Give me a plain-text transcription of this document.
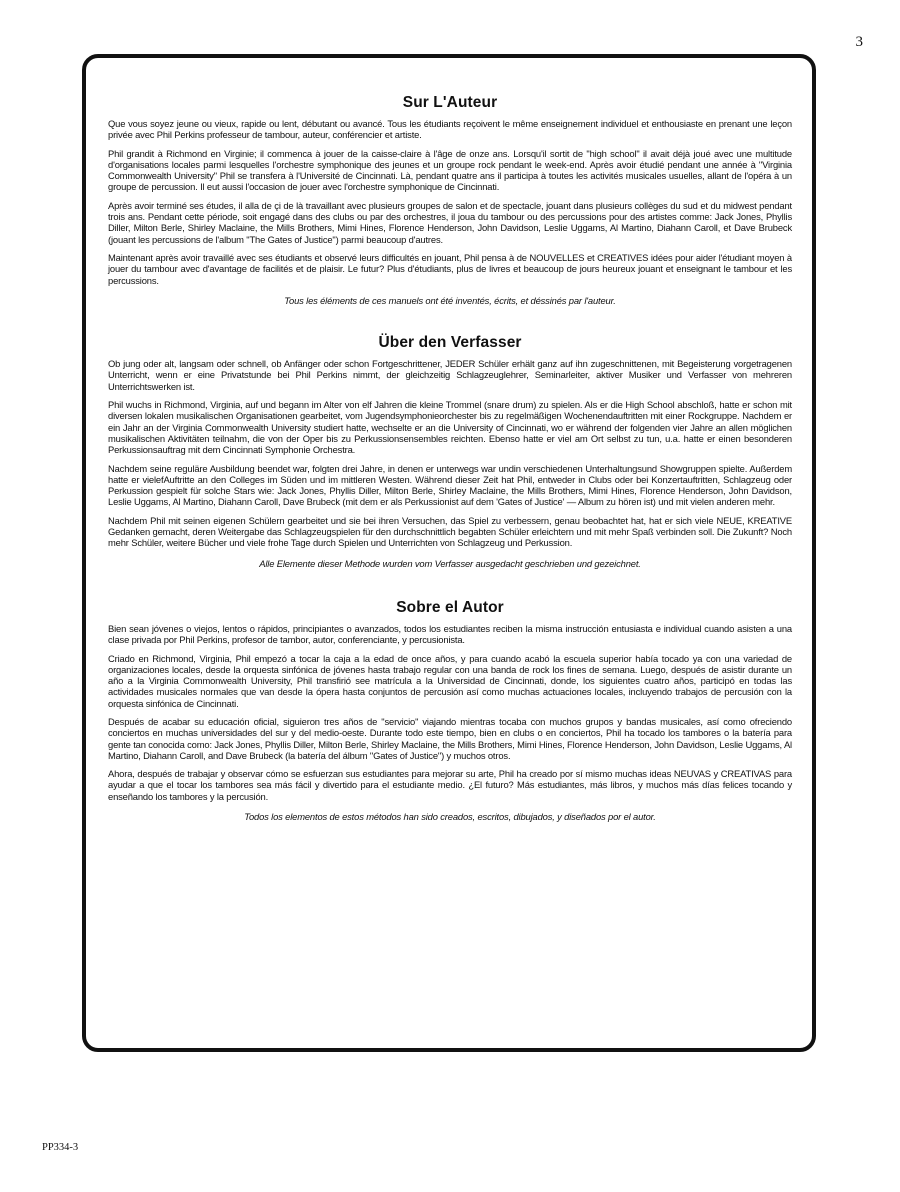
3
Sur L'Auteur

Que vous soyez jeune ou vieux, rapide ou lent, débutant ou avancé. Tous les étudiants reçoivent le même enseignement individuel et enthousiaste en prenant une leçon privée avec Phil Perkins professeur de tambour, auteur, conférencier et artiste.

Phil grandit à Richmond en Virginie; il commenca à jouer de la caisse-claire à l'âge de onze ans. Lorsqu'il sortit de "high school" il avait déjà joué avec une multitude d'organisations locales parmi lesquelles l'orchestre symphonique des jeunes et un groupe rock pendant le week-end. Après avoir étudié pendant une année à "Virginia Commonwealth University" Phil se transfera à l'Université de Cincinnati. Là, pendant quatre ans il participa à toutes les activités musicales usuelles, allant de l'opéra à un groupe de percussion. Il eut aussi l'occasion de jouer avec l'orchestre symphonique de Cincinnati.

Après avoir terminé ses études, il alla de çi de là travaillant avec plusieurs groupes de salon et de spectacle, jouant dans plusieurs collèges du sud et du midwest pendant trois ans. Pendant cette période, soit engagé dans des clubs ou par des orchestres, il joua du tambour ou des percussions pour des artistes comme: Jack Jones, Phyllis Diller, Milton Berle, Shirley Maclaine, the Mills Brothers, Mimi Hines, Florence Henderson, John Davidson, Leslie Uggams, Al Martino, Diahann Caroll, et Dave Brubeck (jouant les percussions de l'album "The Gates of Justice") parmi beaucoup d'autres.

Maintenant après avoir travaillé avec ses étudiants et observé leurs difficultés en jouant, Phil pensa à de NOUVELLES et CREATIVES idées pour aider l'étudiant moyen à jouer du tambour avec d'avantage de facilités et de plaisir. Le futur? Plus d'étudiants, plus de livres et beaucoup de jours heureux jouant et enseignant le tambour et les percussions.

Tous les éléments de ces manuels ont été inventés, écrits, et déssinés par l'auteur.

Über den Verfasser

Ob jung oder alt, langsam oder schnell, ob Anfänger oder schon Fortgeschrittener, JEDER Schüler erhält ganz auf ihn zugeschnittenen, mit Begeisterung vorgetragenen Unterricht, wenn er eine Privatstunde bei Phil Perkins nimmt, der gleichzeitig Schlagzeuglehrer, Seminarleiter, aktiver Musiker und Verfasser von mehreren Unterrichtswerken ist.

Phil wuchs in Richmond, Virginia, auf und begann im Alter von elf Jahren die kleine Trommel (snare drum) zu spielen. Als er die High School abschloß, hatte er schon mit diversen lokalen musikalischen Organisationen gearbeitet, vom Jugendsymphonieorchester bis zu regelmäßigen Wochenendauftritten mit einer Rockgruppe. Nachdem er ein Jahr an der Virginia Commonwealth University studiert hatte, wechselte er an die University of Cincinnati, wo er während der folgenden vier Jahre an allen möglichen musikalischen Aktivitäten teilnahm, die von der Oper bis zu Perkussionsensembles reichten. Ebenso hatte er viel am Ort selbst zu tun, u.a. hatte er einen besonderen Perkussionsauftrag mit dem Cincinnati Symphonie Orchestra.

Nachdem seine reguläre Ausbildung beendet war, folgten drei Jahre, in denen er unterwegs war undin verschiedenen Unterhaltungsund Showgruppen spielte. Außerdem hatte er vielefAuftritte an den Colleges im Süden und im mittleren Westen. Während dieser Zeit hat Phil, entweder in Clubs oder bei Konzertauftritten, Schlagzeug oder Perkussion gespielt für solche Stars wie: Jack Jones, Phyllis Diller, Milton Berle, Shirley Maclaine, the Mills Brothers, Mimi Hines, Florence Henderson, John Davidson, Leslie Uggams, Al Martino, Diahann Caroll, Dave Brubeck (mit dem er als Perkussionist auf dem 'Gates of Justice' — Album zu hören ist) und mit vielen anderen mehr.

Nachdem Phil mit seinen eigenen Schülern gearbeitet und sie bei ihren Versuchen, das Spiel zu verbessern, genau beobachtet hat, hat er sich viele NEUE, KREATIVE Gedanken gemacht, deren Weitergabe das Schlagzeugspielen für den durchschnittlich begabten Schüler erleichtern und mit mehr Spaß verbinden soll. Die Zukunft? Noch mehr Schüler, weitere Bücher und viele frohe Tage durch Spielen und Unterrichten von Schlagzeug und Perkussion.

Alle Elemente dieser Methode wurden vom Verfasser ausgedacht geschrieben und gezeichnet.

Sobre el Autor

Bien sean jóvenes o viejos, lentos o rápidos, principiantes o avanzados, todos los estudiantes reciben la misma instrucción entusiasta e individual cuando asisten a una clase privada por Phil Perkins, profesor de tambor, autor, conferenciante, y percusionista.

Criado en Richmond, Virginia, Phil empezó a tocar la caja a la edad de once años, y para cuando acabó la escuela superior había tocado ya con una variedad de organizaciones locales, desde la orquesta sinfónica de jóvenes hasta trabajo regular con una banda de rock los fines de semana. Luego, después de asistir durante un año a la Virginia Commonwealth University, Phil transfirió see matrícula a la Universidad de Cincinnati, donde, los siguientes cuatro años, participó en todas las actividades musicales normales que van desde la ópera hasta conjuntos de percusión así como muchas actuaciones locales, incluyendo trabajos de percusión con la orquesta sinfónica de Cincinnati.

Después de acabar su educación oficial, siguieron tres años de "servicio" viajando mientras tocaba con muchos grupos y bandas musicales, así como ofreciendo conciertos en muchas universidades del sur y del medio-oeste. Durante todo este tiempo, bien en clubs o en conciertos, Phil ha tocado los tambores o la batería para gente tan conocida como: Jack Jones, Phyllis Diller, Milton Berle, Shirley Maclaine, the Mills Brothers, Mimi Hines, Florence Henderson, John Davidson, Leslie Uggams, Al Martino, Diahann Caroll, and Dave Brubeck (la batería del álbum "Gates of Justice") y muchos otros.

Ahora, después de trabajar y observar cómo se esfuerzan sus estudiantes para mejorar su arte, Phil ha creado por sí mismo muchas ideas NEUVAS y CREATIVAS para ayudar a que el tocar los tambores sea más fácil y divertido para el estudiante medio. ¿El futuro? Más estudiantes, más libros, y muchos más días felices tocando y enseñando los tambores y la percusión.

Todos los elementos de estos métodos han sido creados, escritos, dibujados, y diseñados por el autor.

PP334-3
